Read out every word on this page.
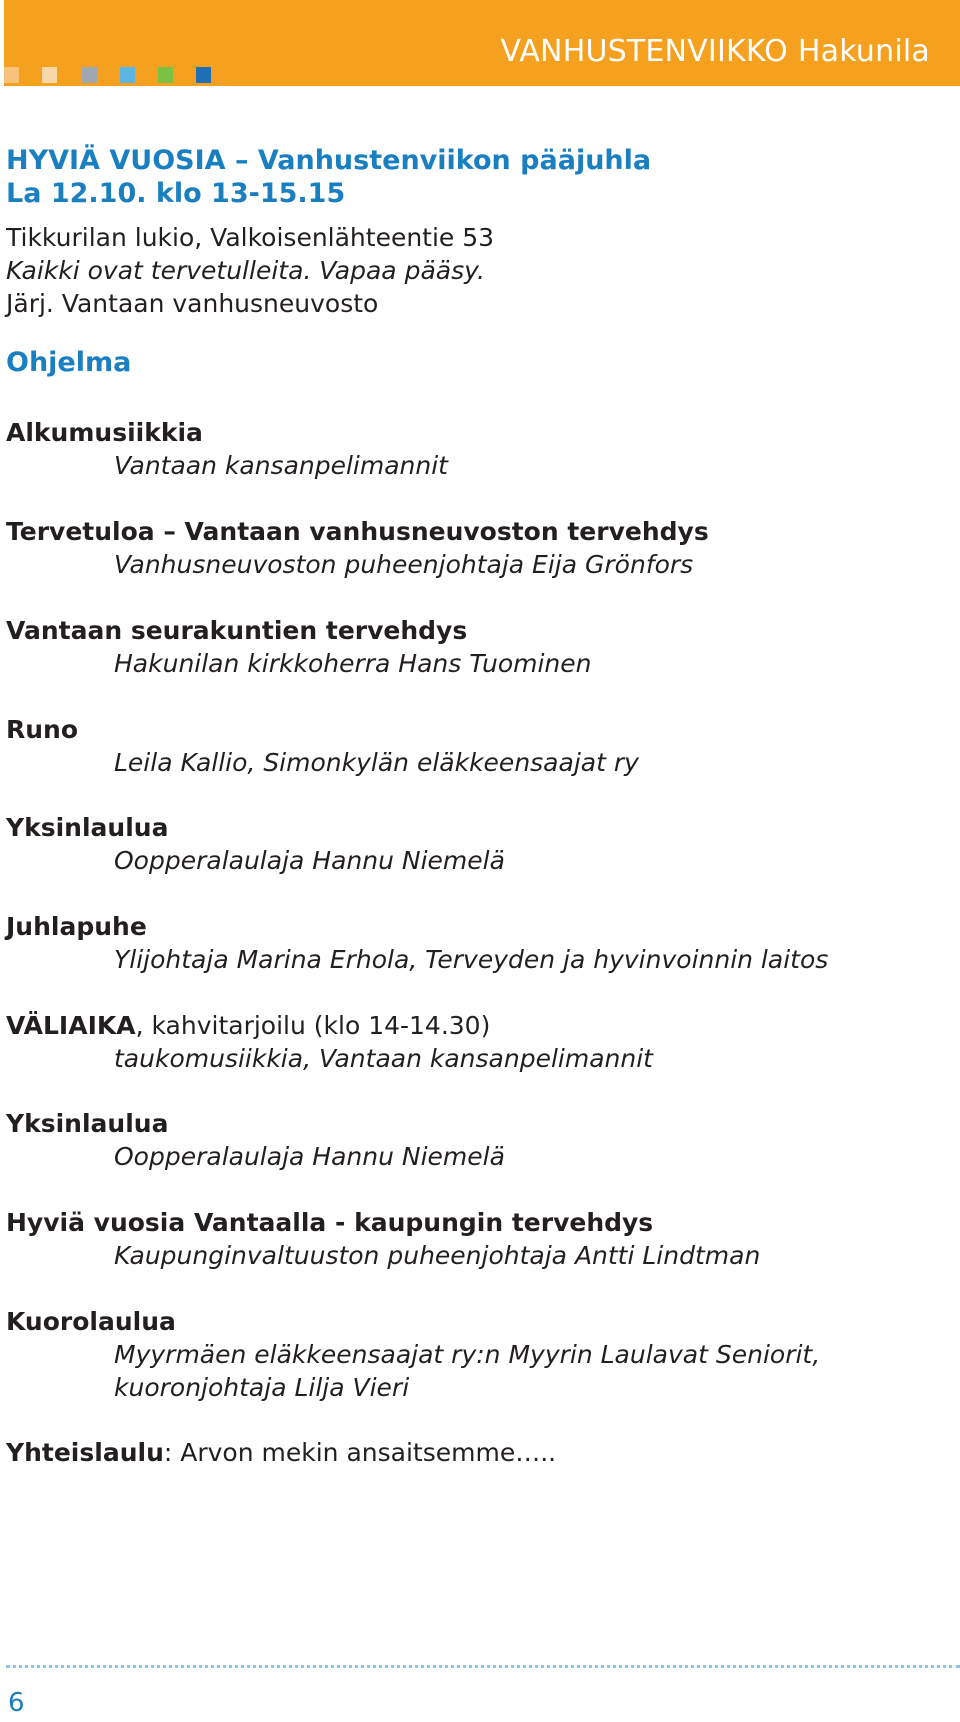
VANHUSTENVIIKKO Hakunila
HYVIÄ VUOSIA – Vanhustenviikon pääjuhla
La 12.10. klo 13-15.15
Tikkurilan lukio, Valkoisenlähteentie 53
Kaikki ovat tervetulleita. Vapaa pääsy.
Järj. Vantaan vanhusneuvosto
Ohjelma
Alkumusiikkia
Vantaan kansanpelimannit
Tervetuloa – Vantaan vanhusneuvoston tervehdys
Vanhusneuvoston puheenjohtaja Eija Grönfors
Vantaan seurakuntien tervehdys
Hakunilan kirkkoherra Hans Tuominen
Runo
Leila Kallio, Simonkylän eläkkeensaajat ry
Yksinlaulua
Oopperalaulaja Hannu Niemelä
Juhlapuhe
Ylijohtaja Marina Erhola, Terveyden ja hyvinvoinnin laitos
VÄLIAIKA, kahvitarjoilu (klo 14-14.30)
taukomusiikkia, Vantaan kansanpelimannit
Yksinlaulua
Oopperalaulaja Hannu Niemelä
Hyviä vuosia Vantaalla - kaupungin tervehdys
Kaupunginvaltuuston puheenjohtaja Antti Lindtman
Kuorolaulua
Myyrmäen eläkkeensaajat ry:n Myyrin Laulavat Seniorit,
kuoronjohtaja Lilja Vieri
Yhteislaulu: Arvon mekin ansaitsemme…..
6
